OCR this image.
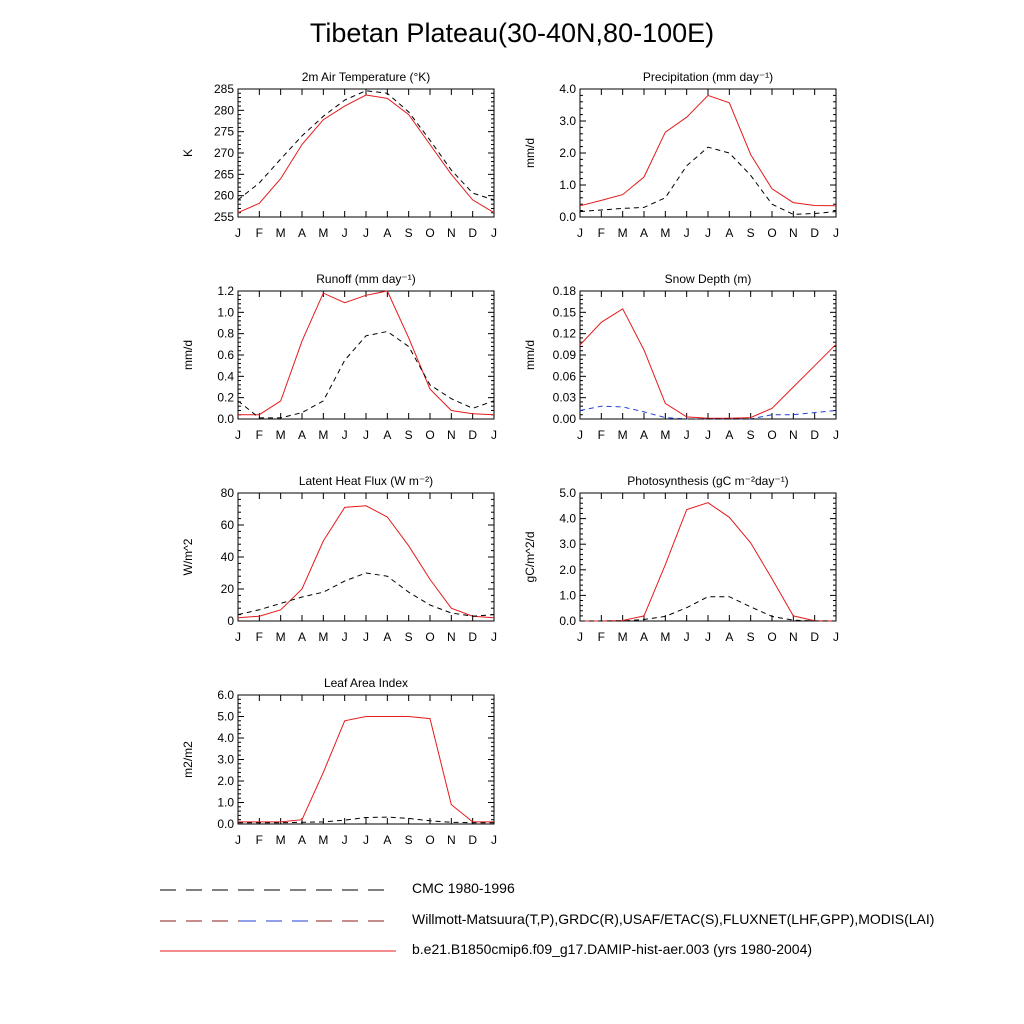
Tibetan Plateau(30-40N,80-100E)
2m Air Temperature (°K)
K
255
260
265
270
275
280
285
J F M A M J J A S O N D J
Precipitation (mm day⁻¹)
mm/d
0.0
1.0
2.0
3.0
4.0
J F M A M J J A S O N D J
Runoff (mm day⁻¹)
mm/d
0.0
0.2
0.4
0.6
0.8
1.0
1.2
J F M A M J J A S O N D J
Snow Depth (m)
mm/d
0.00
0.03
0.06
0.09
0.12
0.15
0.18
J F M A M J J A S O N D J
Latent Heat Flux (W m⁻²)
W/m^2
0
20
40
60
80
J F M A M J J A S O N D J
Photosynthesis (gC m⁻²day⁻¹)
gC/m^2/d
0.0
1.0
2.0
3.0
4.0
5.0
J F M A M J J A S O N D J
Leaf Area Index
m2/m2
0.0
1.0
2.0
3.0
4.0
5.0
6.0
J F M A M J J A S O N D J
CMC 1980-1996
Willmott-Matsuura(T,P),GRDC(R),USAF/ETAC(S),FLUXNET(LHF,GPP),MODIS(LAI)
b.e21.B1850cmip6.f09_g17.DAMIP-hist-aer.003 (yrs 1980-2004)
